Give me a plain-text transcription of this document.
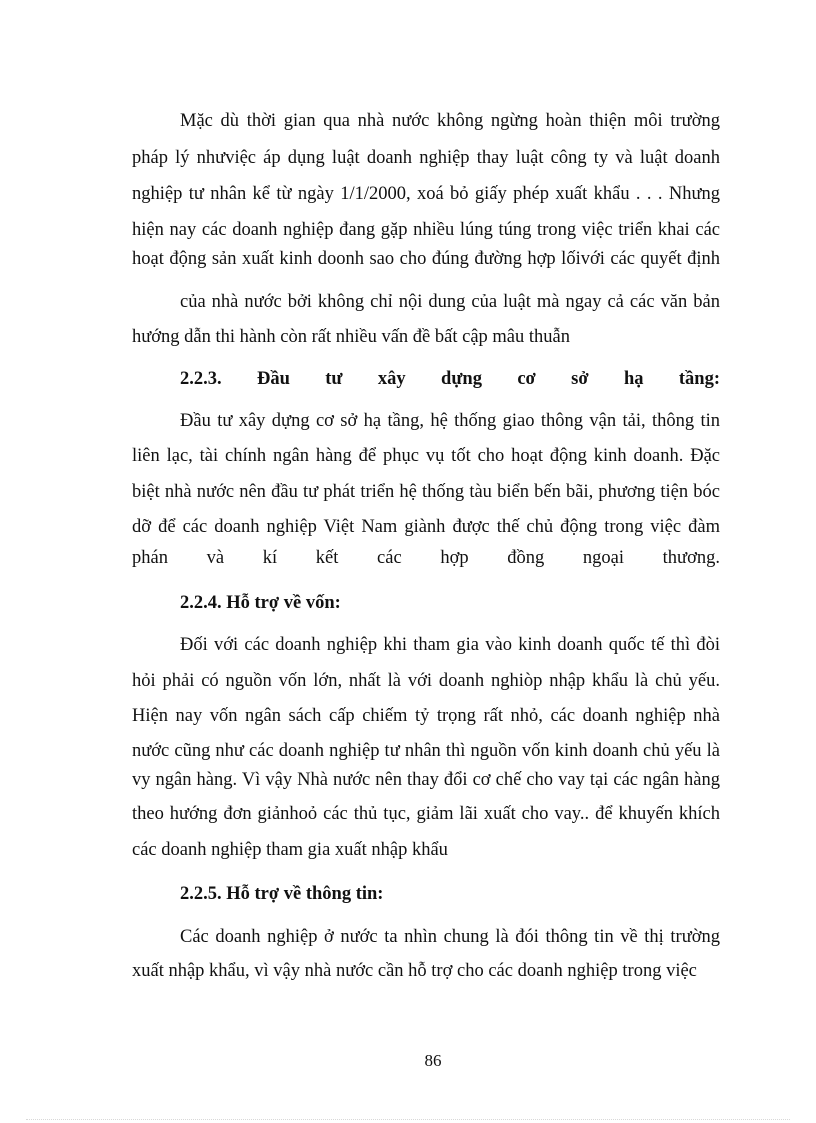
Mặc dù thời gian qua nhà nước không ngừng hoàn thiện môi trường
pháp lý nhưviệc áp dụng luật doanh nghiệp thay luật công ty và luật doanh
nghiệp tư nhân kể từ ngày 1/1/2000, xoá bỏ giấy phép xuất khẩu . . . Nhưng
hiện nay các doanh nghiệp đang gặp nhiều lúng túng trong việc triển khai các
hoạt động sản xuất kinh doonh sao cho đúng đường hợp lốivới các quyết định
của nhà nước bởi không chỉ nội dung của luật mà ngay cả các văn bản
hướng dẫn thi hành còn rất nhiều vấn đề bất cập mâu thuẫn
2.2.3. Đầu tư xây dựng cơ sở hạ tầng:
Đầu tư xây dựng cơ sở hạ tầng, hệ thống giao thông vận tải, thông tin
liên lạc, tài chính ngân hàng để phục vụ tốt cho hoạt động kinh doanh. Đặc
biệt nhà nước nên đầu tư phát triển hệ thống tàu biển bến bãi, phương tiện bóc
dỡ để các doanh nghiệp Việt Nam giành được thế chủ động trong việc đàm
phán và kí kết các hợp đồng ngoại thương.
2.2.4. Hỗ trợ về vốn:
Đối với các doanh nghiệp khi tham gia vào kinh doanh quốc tế thì đòi
hỏi phải có nguồn vốn lớn, nhất là với doanh nghiòp nhập khẩu là chủ yếu.
Hiện nay vốn ngân sách cấp chiếm tỷ trọng rất nhỏ, các doanh nghiệp nhà
nước cũng như các doanh nghiệp tư nhân thì nguồn vốn kinh doanh chủ yếu là
vy ngân hàng. Vì vậy Nhà nước nên thay đổi cơ chế cho vay tại các ngân hàng
theo hướng đơn giảnhoỏ các thủ tục, giảm lãi xuất cho vay.. để khuyến khích
các doanh nghiệp tham gia xuất nhập khẩu
2.2.5. Hỗ trợ về thông tin:
Các doanh nghiệp ở nước ta nhìn chung là đói thông tin về thị trường
xuất nhập khẩu, vì vậy nhà nước cần hỗ trợ cho các doanh nghiệp trong việc
86
